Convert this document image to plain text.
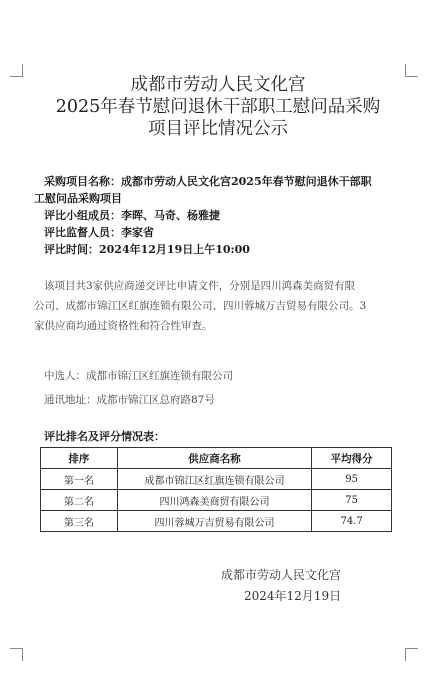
成都市劳动人民文化宫
2025年春节慰问退休干部职工慰问品采购
项目评比情况公示
采购项目名称：成都市劳动人民文化宫2025年春节慰问退休干部职
工慰问品采购项目
评比小组成员：李晖、马奇、杨雅捷
评比监督人员：李家省
评比时间：2024年12月19日上午10:00
该项目共3家供应商递交评比申请文件，分别是四川鸿森美商贸有限
公司、成都市锦江区红旗连锁有限公司、四川蓉城万吉贸易有限公司。3
家供应商均通过资格性和符合性审查。
中选人：成都市锦江区红旗连锁有限公司
通讯地址：成都市锦江区总府路87号
评比排名及评分情况表：
排序	供应商名称	平均得分
第一名	成都市锦江区红旗连锁有限公司	95
第二名	四川鸿森美商贸有限公司	75
第三名	四川蓉城万吉贸易有限公司	74.7
成都市劳动人民文化宫
2024年12月19日
